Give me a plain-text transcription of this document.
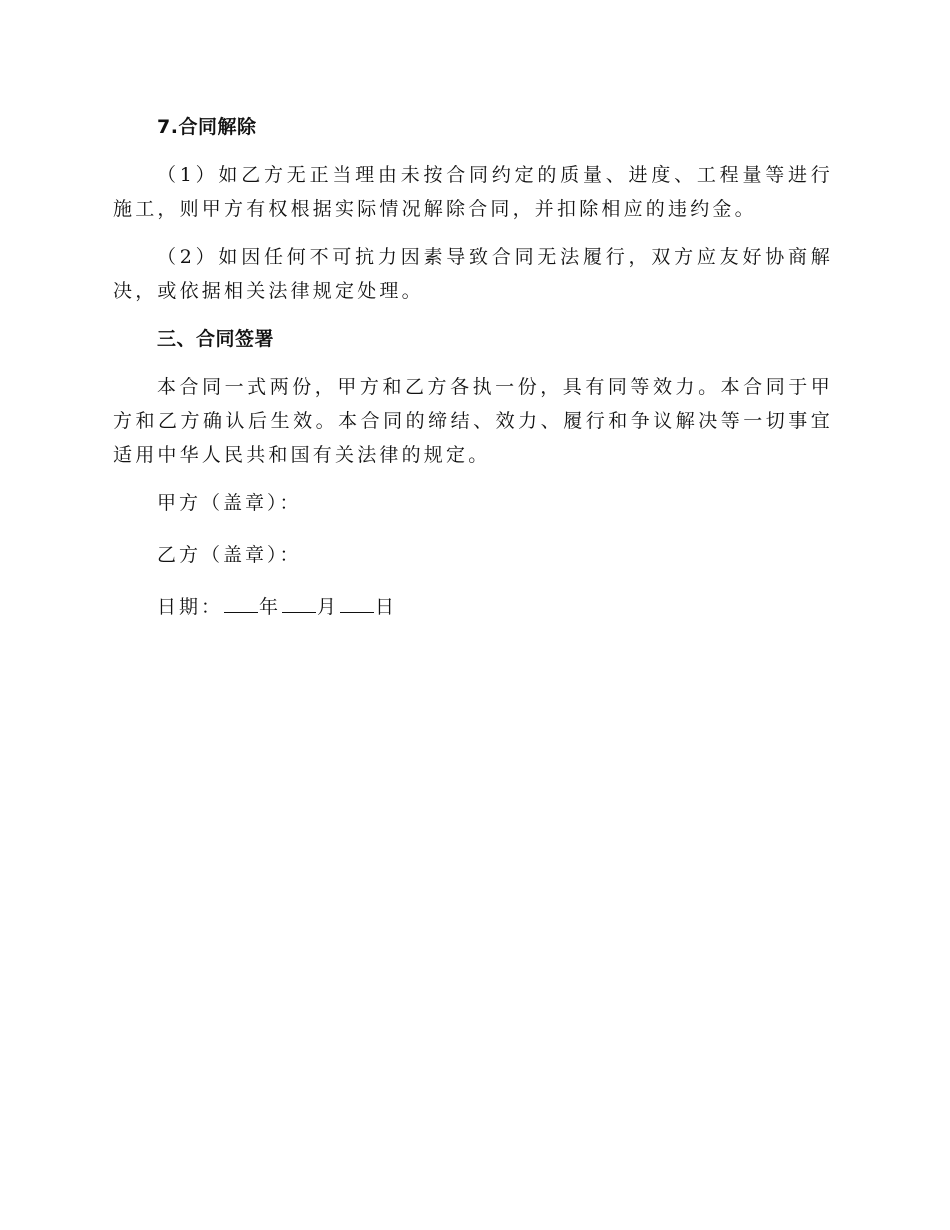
7.合同解除

（1）如乙方无正当理由未按合同约定的质量、进度、工程量等进行施工，则甲方有权根据实际情况解除合同，并扣除相应的违约金。

（2）如因任何不可抗力因素导致合同无法履行，双方应友好协商解决，或依据相关法律规定处理。

三、合同签署

本合同一式两份，甲方和乙方各执一份，具有同等效力。本合同于甲方和乙方确认后生效。本合同的缔结、效力、履行和争议解决等一切事宜适用中华人民共和国有关法律的规定。

甲方（盖章）：
乙方（盖章）：
日期： 年 月 日
